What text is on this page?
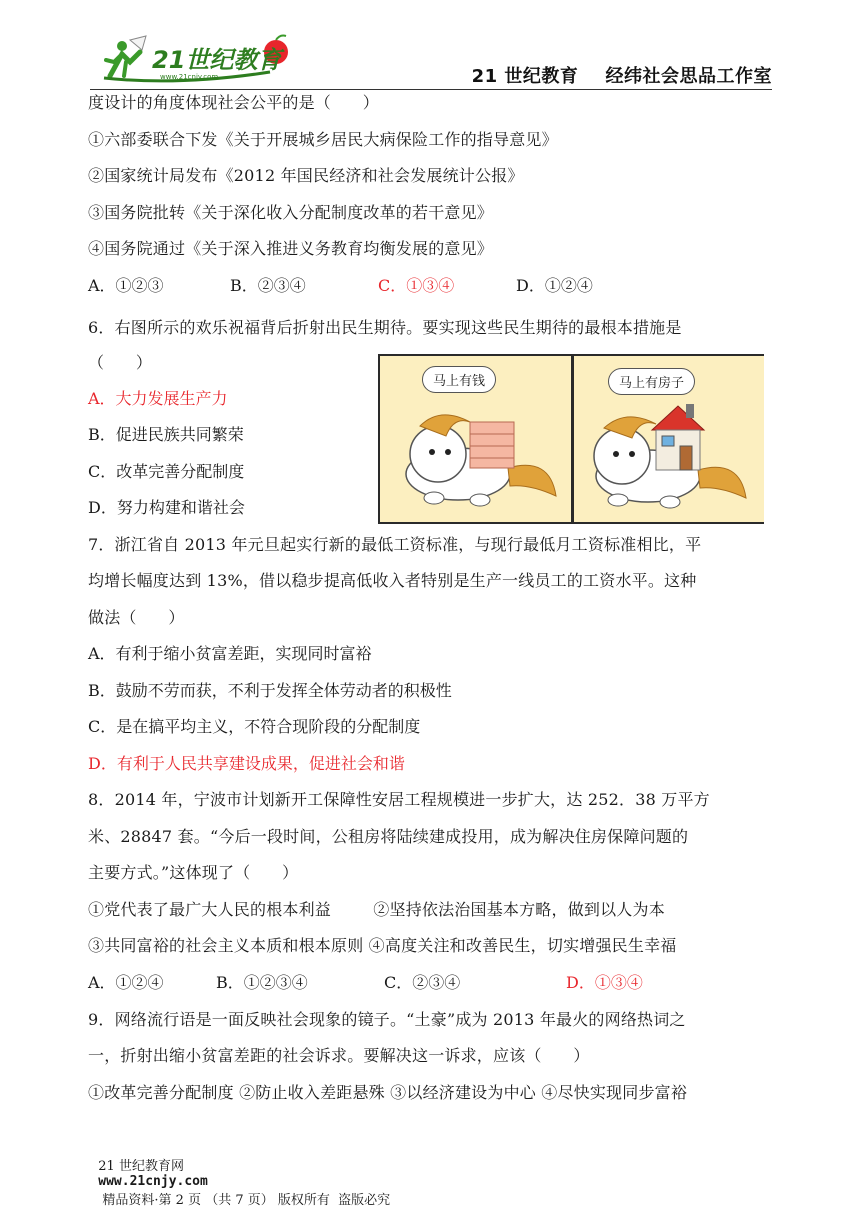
21世纪教育
www.21cnjy.com	21 世纪教育    经纬社会思品工作室
度设计的角度体现社会公平的是（      ）
①六部委联合下发《关于开展城乡居民大病保险工作的指导意见》
②国家统计局发布《2012 年国民经济和社会发展统计公报》
③国务院批转《关于深化收入分配制度改革的若干意见》
④国务院通过《关于深入推进义务教育均衡发展的意见》
A．①②③	B．②③④	C．①③④	D．①②④
6．右图所示的欢乐祝福背后折射出民生期待。要实现这些民生期待的最根本措施是
（      ）
A．大力发展生产力
B．促进民族共同繁荣
C．改革完善分配制度
D．努力构建和谐社会
7．浙江省自 2013 年元旦起实行新的最低工资标准，与现行最低月工资标准相比，平
均增长幅度达到 13%，借以稳步提高低收入者特别是生产一线员工的工资水平。这种
做法（      ）
A．有利于缩小贫富差距，实现同时富裕
B．鼓励不劳而获，不利于发挥全体劳动者的积极性
C．是在搞平均主义，不符合现阶段的分配制度
D．有利于人民共享建设成果，促进社会和谐
8．2014 年，宁波市计划新开工保障性安居工程规模进一步扩大，达 252．38 万平方
米、28847 套。“今后一段时间，公租房将陆续建成投用，成为解决住房保障问题的
主要方式。”这体现了（      ）
①党代表了最广大人民的根本利益        ②坚持依法治国基本方略，做到以人为本
③共同富裕的社会主义本质和根本原则 ④高度关注和改善民生，切实增强民生幸福
A．①②④	B．①②③④	C．②③④	D．①③④
9．网络流行语是一面反映社会现象的镜子。“土豪”成为 2013 年最火的网络热词之
一，折射出缩小贫富差距的社会诉求。要解决这一诉求，应该（      ）
①改革完善分配制度 ②防止收入差距悬殊 ③以经济建设为中心 ④尽快实现同步富裕
马上有钱	马上有房子

21 世纪教育网
www.21cnjy.com
精品资料·第 2 页 （共 7 页） 版权所有  盗版必究
